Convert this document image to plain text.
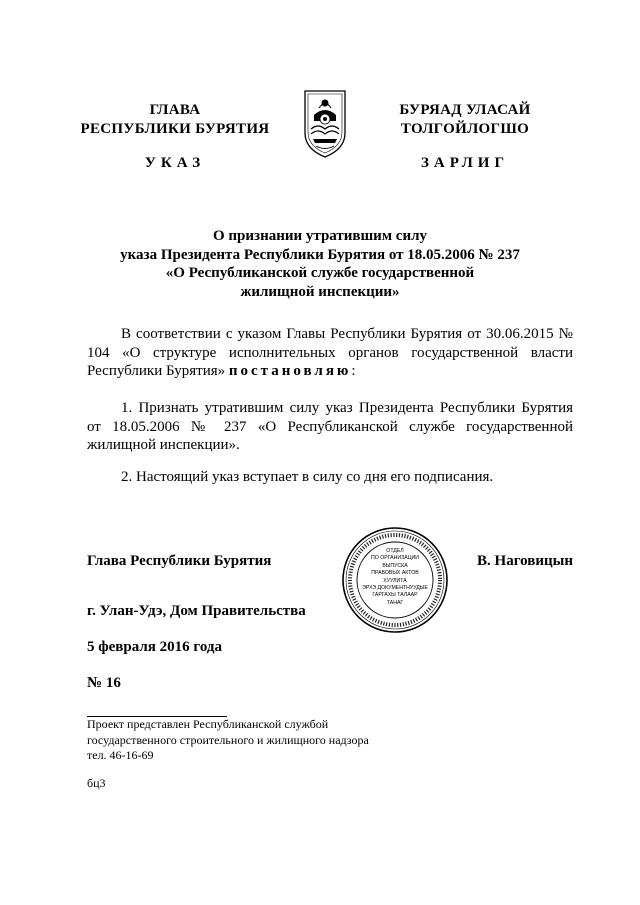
ГЛАВА
РЕСПУБЛИКИ БУРЯТИЯ
УКАЗ
БУРЯАД УЛАСАЙ
ТОЛГОЙЛОГШО
ЗАРЛИГ
О признании утратившим силу
указа Президента Республики Бурятия от 18.05.2006 № 237
«О Республиканской службе государственной
жилищной инспекции»
В соответствии с указом Главы Республики Бурятия от 30.06.2015 № 104 «О структуре исполнительных органов государственной власти Республики Бурятия» постановляю:
1. Признать утратившим силу указ Президента Республики Бурятия от 18.05.2006 № 237 «О Республиканской службе государственной жилищной инспекции».
2. Настоящий указ вступает в силу со дня его подписания.
Глава Республики Бурятия	В. Наговицын
ОТДЕЛ
ПО ОРГАНИЗАЦИИ
ВЫПУСКА
ПРАВОВЫХ АКТОВ
ХУУЛИТА
ЭРХЭ ДОКУМЕНТНУУДЫЕ
ГАРГАХЫ ТАЛААР
ТАНАГ
г. Улан-Удэ, Дом Правительства
5 февраля 2016 года
№ 16
Проект представлен Республиканской службой
государственного строительного и жилищного надзора
тел. 46-16-69
бц3
